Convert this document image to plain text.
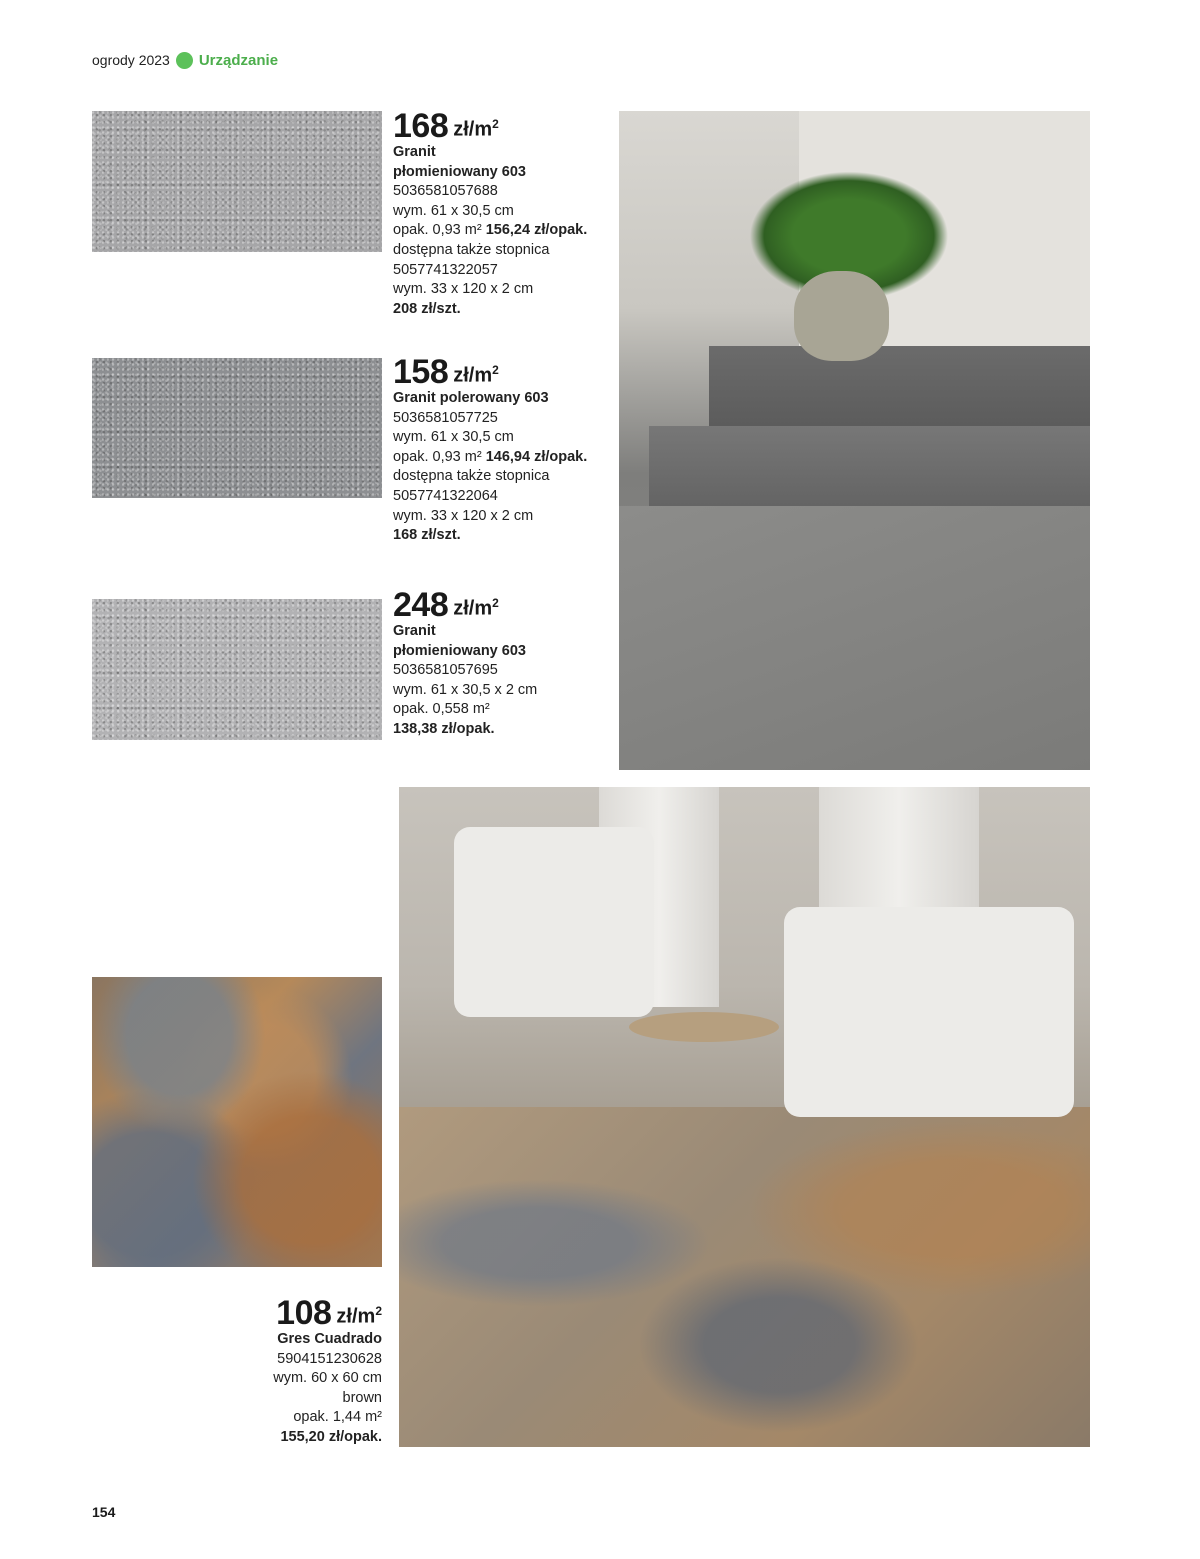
ogrody 2023 Urządzanie
168 $zł/m^2$
Granit
płomieniowany 603
5036581057688
wym. 61 x 30,5 cm
opak. 0,93 m² 156,24 zł/opak.
dostępna także stopnica
5057741322057
wym. 33 x 120 x 2 cm
208 zł/szt.
158 $zł/m^2$
Granit polerowany 603
5036581057725
wym. 61 x 30,5 cm
opak. 0,93 m² 146,94 zł/opak.
dostępna także stopnica
5057741322064
wym. 33 x 120 x 2 cm
168 zł/szt.
248 $zł/m^2$
Granit
płomieniowany 603
5036581057695
wym. 61 x 30,5 x 2 cm
opak. 0,558 m²
138,38 zł/opak.
108 $zł/m^2$
Gres Cuadrado
5904151230628
wym. 60 x 60 cm
brown
opak. 1,44 m²
155,20 zł/opak.
154
